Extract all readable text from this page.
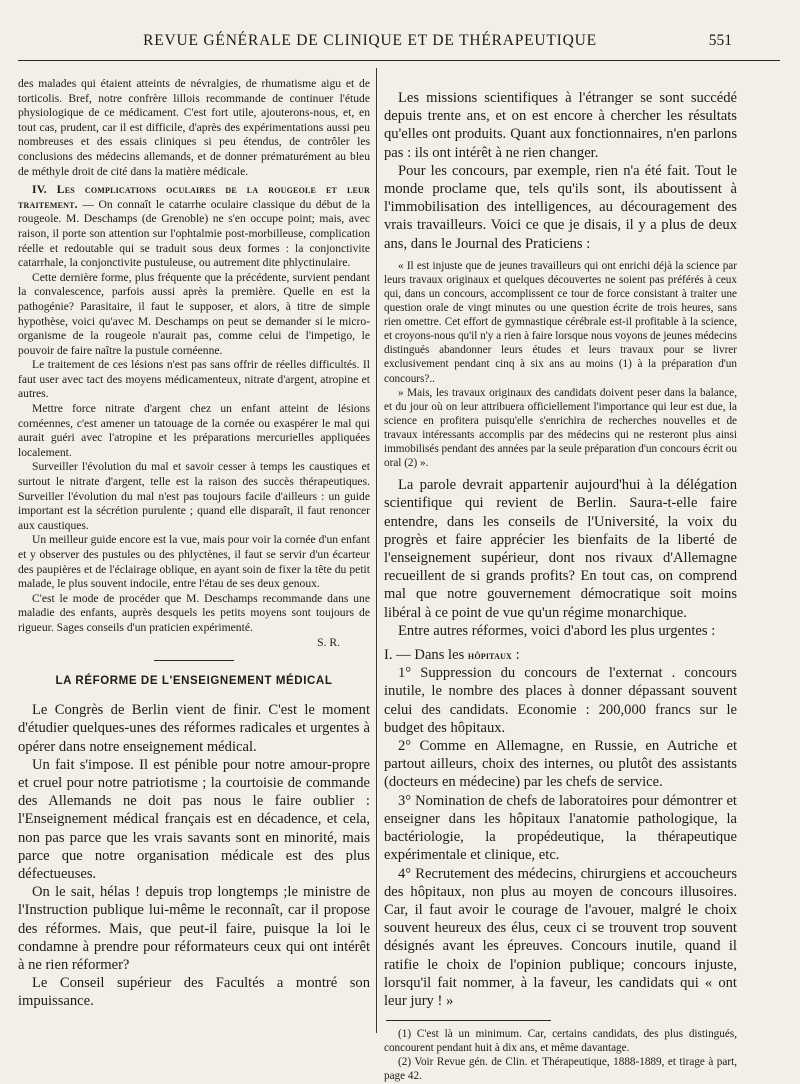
REVUE GÉNÉRALE DE CLINIQUE ET DE THÉRAPEUTIQUE	551

des malades qui étaient atteints de névralgies, de rhumatisme aigu et de torticolis. Bref, notre confrère lillois recommande de continuer l'étude physiologique de ce médicament. C'est fort utile, ajouterons-nous, et, en tout cas, prudent, car il est difficile, d'après des expérimentations aussi peu nombreuses et des essais cliniques si peu étendus, de contrôler les conclusions des médecins allemands, et de donner prématurément au bleu de méthyle droit de cité dans la matière médicale.

IV. Les complications oculaires de la rougeole et leur traitement. — On connaît le catarrhe oculaire classique du début de la rougeole. M. Deschamps (de Grenoble) ne s'en occupe point; mais, avec raison, il porte son attention sur l'ophtalmie post-morbilleuse, complication réelle et redoutable qui se traduit sous deux formes : la conjonctivite catarrhale, la conjonctivite pustuleuse, ou autrement dite phlyctinulaire.

Cette dernière forme, plus fréquente que la précédente, survient pendant la convalescence, parfois aussi après la première. Quelle en est la pathogénie? Parasitaire, il faut le supposer, et alors, à titre de simple hypothèse, voici qu'avec M. Deschamps on peut se demander si le micro-organisme de la rougeole n'aurait pas, comme celui de l'impetigo, le pouvoir de faire naître la pustule cornéenne.

Le traitement de ces lésions n'est pas sans offrir de réelles difficultés. Il faut user avec tact des moyens médicamenteux, nitrate d'argent, atropine et autres.

Mettre force nitrate d'argent chez un enfant atteint de lésions cornéennes, c'est amener un tatouage de la cornée ou exaspérer le mal qui aurait guéri avec l'atropine et les préparations mercurielles appliquées localement.

Surveiller l'évolution du mal et savoir cesser à temps les caustiques et surtout le nitrate d'argent, telle est la raison des succès thérapeutiques. Surveiller l'évolution du mal n'est pas toujours facile d'ailleurs : un guide important est la sécrétion purulente ; quand elle disparaît, il faut renoncer aux caustiques.

Un meilleur guide encore est la vue, mais pour voir la cornée d'un enfant et y observer des pustules ou des phlyctènes, il faut se servir d'un écarteur des paupières et de l'éclairage oblique, en ayant soin de fixer la tête du petit malade, le plus souvent indocile, entre l'étau de ses deux genoux.

C'est le mode de procéder que M. Deschamps recommande dans une maladie des enfants, auprès desquels les petits moyens sont toujours de rigueur. Sages conseils d'un praticien expérimenté.

S. R.
LA RÉFORME DE L'ENSEIGNEMENT MÉDICAL

Le Congrès de Berlin vient de finir. C'est le moment d'étudier quelques-unes des réformes radicales et urgentes à opérer dans notre enseignement médical.

Un fait s'impose. Il est pénible pour notre amour-propre et cruel pour notre patriotisme ; la courtoisie de commande des Allemands ne doit pas nous le faire oublier : l'Enseignement médical français est en décadence, et cela, non pas parce que les vrais savants sont en minorité, mais parce que notre organisation médicale est des plus défectueuses.

On le sait, hélas ! depuis trop longtemps ;le ministre de l'Instruction publique lui-même le reconnaît, car il propose des réformes. Mais, que peut-il faire, puisque la loi le condamne à prendre pour réformateurs ceux qui ont intérêt à ne rien réformer?

Le Conseil supérieur des Facultés a montré son impuissance.

Les missions scientifiques à l'étranger se sont succédé depuis trente ans, et on est encore à chercher les résultats qu'elles ont produits. Quant aux fonctionnaires, n'en parlons pas : ils ont intérêt à ne rien changer.

Pour les concours, par exemple, rien n'a été fait. Tout le monde proclame que, tels qu'ils sont, ils aboutissent à l'immobilisation des intelligences, au découragement des vrais travailleurs. Voici ce que je disais, il y a plus de deux ans, dans le Journal des Praticiens :

« Il est injuste que de jeunes travailleurs qui ont enrichi déjà la science par leurs travaux originaux et quelques découvertes ne soient pas préférés à ceux qui, dans un concours, accomplissent ce tour de force consistant à traiter une question orale de vingt minutes ou une question écrite de trois heures, sans rien omettre. Cet effort de gymnastique cérébrale est-il profitable à la science, et croyons-nous qu'il n'y a rien à faire lorsque nous voyons de jeunes médecins distingués abandonner leurs études et leurs travaux pour se livrer exclusivement pendant cinq à six ans au moins (1) à la préparation d'un concours?..

» Mais, les travaux originaux des candidats doivent peser dans la balance, et du jour où on leur attribuera officiellement l'importance qui leur est due, la science en profitera puisqu'elle s'enrichira de recherches nouvelles et de travaux intéressants accomplis par des médecins qui ne resteront plus ainsi immobilisés pendant des années par la seule préparation d'un concours écrit ou oral (2) ».

La parole devrait appartenir aujourd'hui à la délégation scientifique qui revient de Berlin. Saura-t-elle faire entendre, dans les conseils de l'Université, la voix du progrès et faire apprécier les bienfaits de la liberté de l'enseignement supérieur, dont nos rivaux d'Allemagne recueillent de si grands profits? En tout cas, on comprend mal que notre gouvernement démocratique soit moins libéral à ce point de vue qu'un régime monarchique.

Entre autres réformes, voici d'abord les plus urgentes :

I. — Dans les hôpitaux :

1° Suppression du concours de l'externat . concours inutile, le nombre des places à donner dépassant souvent celui des candidats. Economie : 200,000 francs sur le budget des hôpitaux.

2° Comme en Allemagne, en Russie, en Autriche et partout ailleurs, choix des internes, ou plutôt des assistants (docteurs en médecine) par les chefs de service.

3° Nomination de chefs de laboratoires pour démontrer et enseigner dans les hôpitaux l'anatomie pathologique, la bactériologie, la propédeutique, la thérapeutique expérimentale et clinique, etc.

4° Recrutement des médecins, chirurgiens et accoucheurs des hôpitaux, non plus au moyen de concours illusoires. Car, il faut avoir le courage de l'avouer, malgré le choix souvent heureux des élus, ceux ci se trouvent trop souvent désignés avant les épreuves. Concours inutile, quand il ratifie le choix de l'opinion publique; concours injuste, lorsqu'il fait nommer, à la faveur, les candidats qui « ont leur jury ! »

(1) C'est là un minimum. Car, certains candidats, des plus distingués, concourent pendant huit à dix ans, et même davantage.

(2) Voir Revue gén. de Clin. et Thérapeutique, 1888-1889, et tirage à part, page 42.
